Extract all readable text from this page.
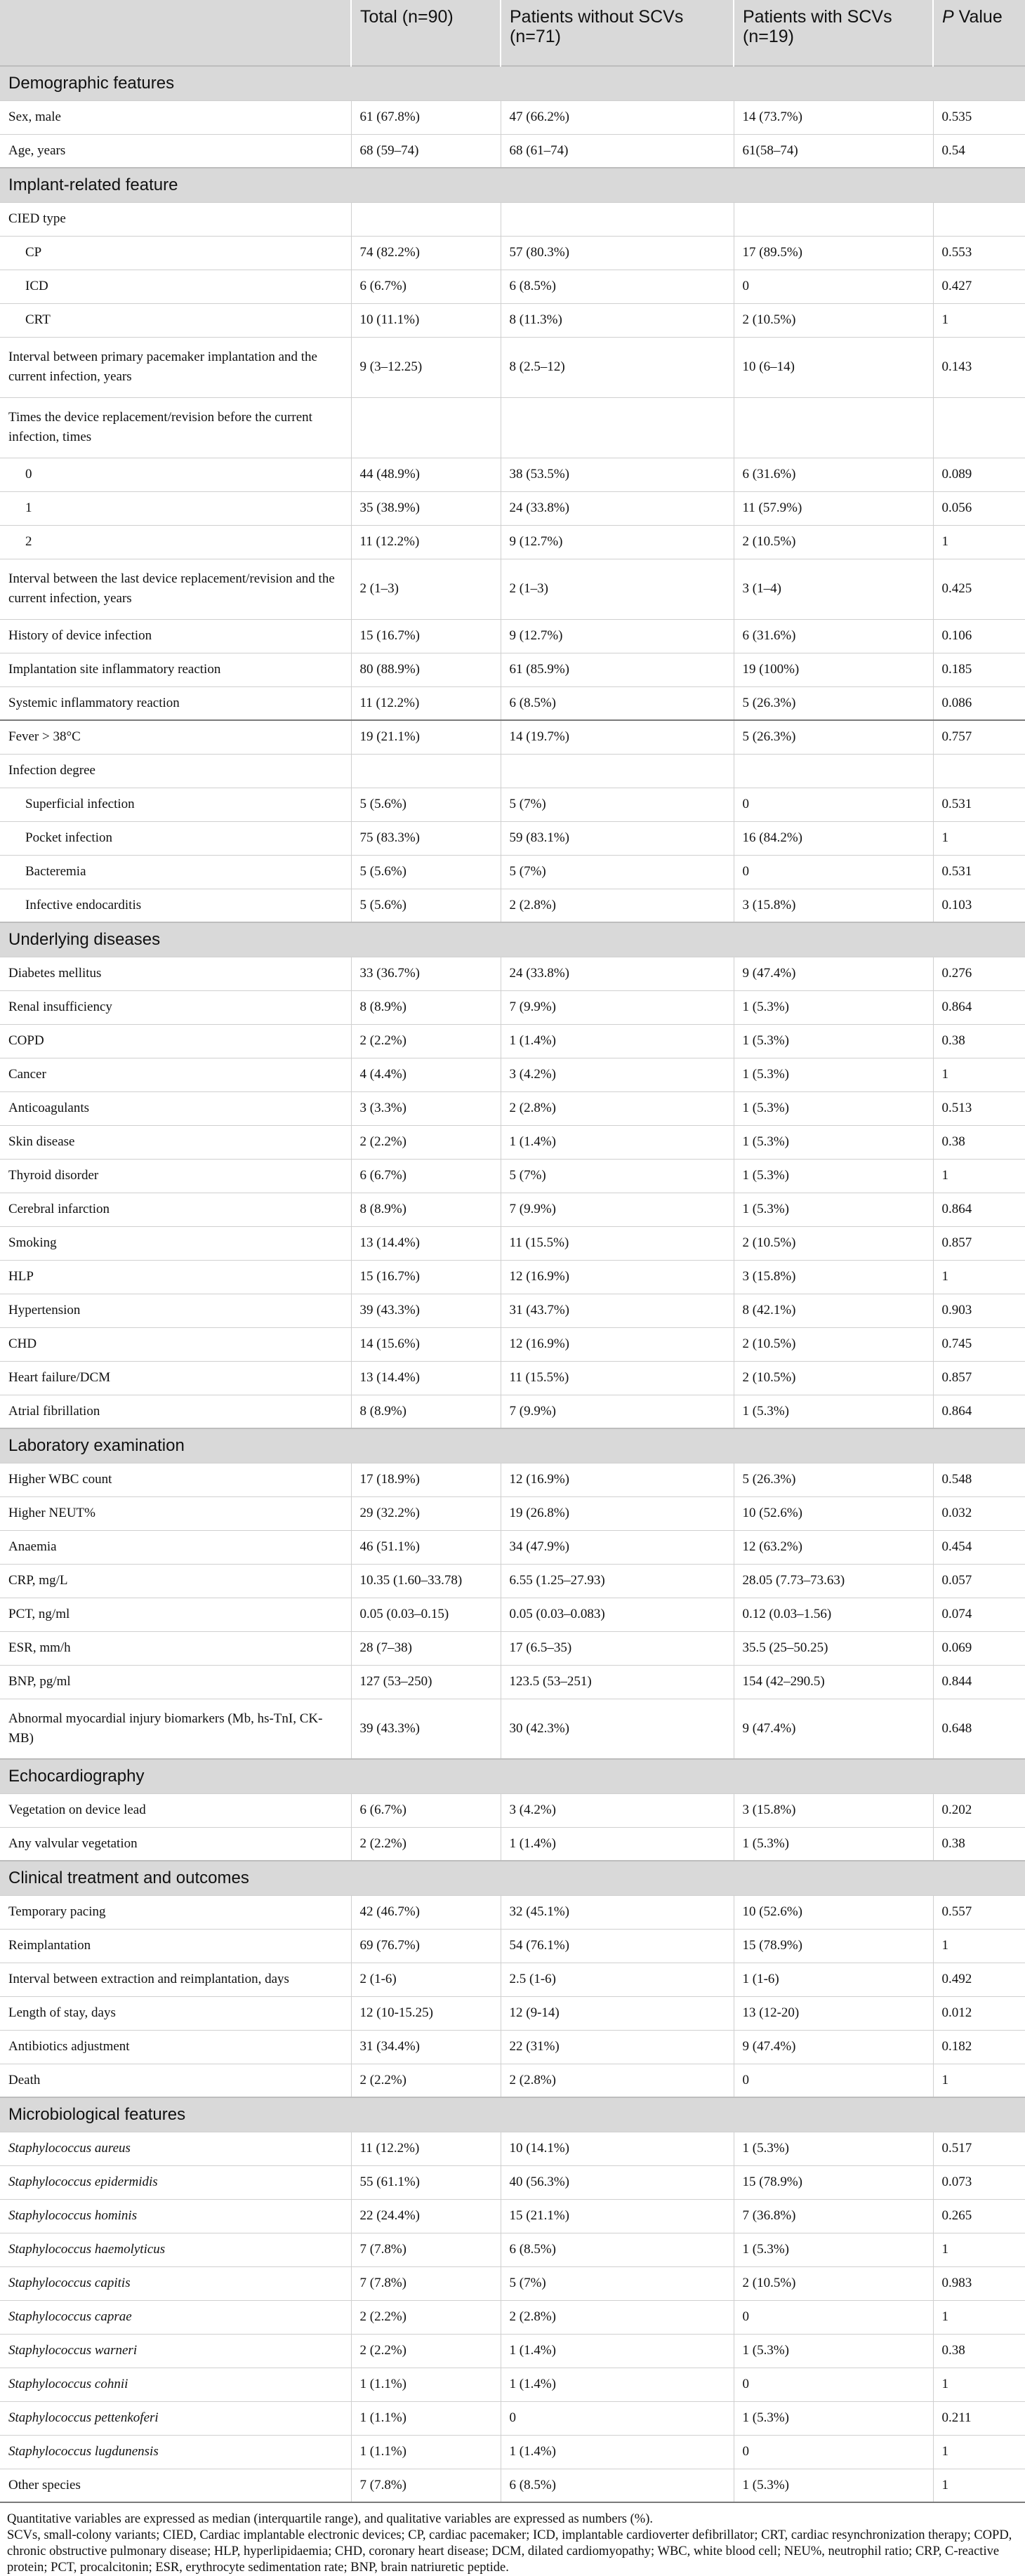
	Total (n=90)	Patients without SCVs (n=71)	Patients with SCVs (n=19)	P Value
Demographic features				
Sex, male	61 (67.8%)	47 (66.2%)	14 (73.7%)	0.535
Age, years	68 (59–74)	68 (61–74)	61(58–74)	0.54
Implant-related feature				
CIED type				
CP	74 (82.2%)	57 (80.3%)	17 (89.5%)	0.553
ICD	6 (6.7%)	6 (8.5%)	0	0.427
CRT	10 (11.1%)	8 (11.3%)	2 (10.5%)	1
Interval between primary pacemaker implantation and the current infection, years	9 (3–12.25)	8 (2.5–12)	10 (6–14)	0.143
Times the device replacement/revision before the current infection, times				
0	44 (48.9%)	38 (53.5%)	6 (31.6%)	0.089
1	35 (38.9%)	24 (33.8%)	11 (57.9%)	0.056
2	11 (12.2%)	9 (12.7%)	2 (10.5%)	1
Interval between the last device replacement/revision and the current infection, years	2 (1–3)	2 (1–3)	3 (1–4)	0.425
History of device infection	15 (16.7%)	9 (12.7%)	6 (31.6%)	0.106
Implantation site inflammatory reaction	80 (88.9%)	61 (85.9%)	19 (100%)	0.185
Systemic inflammatory reaction	11 (12.2%)	6 (8.5%)	5 (26.3%)	0.086
Fever > 38°C	19 (21.1%)	14 (19.7%)	5 (26.3%)	0.757
Infection degree				
Superficial infection	5 (5.6%)	5 (7%)	0	0.531
Pocket infection	75 (83.3%)	59 (83.1%)	16 (84.2%)	1
Bacteremia	5 (5.6%)	5 (7%)	0	0.531
Infective endocarditis	5 (5.6%)	2 (2.8%)	3 (15.8%)	0.103
Underlying diseases				
Diabetes mellitus	33 (36.7%)	24 (33.8%)	9 (47.4%)	0.276
Renal insufficiency	8 (8.9%)	7 (9.9%)	1 (5.3%)	0.864
COPD	2 (2.2%)	1 (1.4%)	1 (5.3%)	0.38
Cancer	4 (4.4%)	3 (4.2%)	1 (5.3%)	1
Anticoagulants	3 (3.3%)	2 (2.8%)	1 (5.3%)	0.513
Skin disease	2 (2.2%)	1 (1.4%)	1 (5.3%)	0.38
Thyroid disorder	6 (6.7%)	5 (7%)	1 (5.3%)	1
Cerebral infarction	8 (8.9%)	7 (9.9%)	1 (5.3%)	0.864
Smoking	13 (14.4%)	11 (15.5%)	2 (10.5%)	0.857
HLP	15 (16.7%)	12 (16.9%)	3 (15.8%)	1
Hypertension	39 (43.3%)	31 (43.7%)	8 (42.1%)	0.903
CHD	14 (15.6%)	12 (16.9%)	2 (10.5%)	0.745
Heart failure/DCM	13 (14.4%)	11 (15.5%)	2 (10.5%)	0.857
Atrial fibrillation	8 (8.9%)	7 (9.9%)	1 (5.3%)	0.864
Laboratory examination				
Higher WBC count	17 (18.9%)	12 (16.9%)	5 (26.3%)	0.548
Higher NEUT%	29 (32.2%)	19 (26.8%)	10 (52.6%)	0.032
Anaemia	46 (51.1%)	34 (47.9%)	12 (63.2%)	0.454
CRP, mg/L	10.35 (1.60–33.78)	6.55 (1.25–27.93)	28.05 (7.73–73.63)	0.057
PCT, ng/ml	0.05 (0.03–0.15)	0.05 (0.03–0.083)	0.12 (0.03–1.56)	0.074
ESR, mm/h	28 (7–38)	17 (6.5–35)	35.5 (25–50.25)	0.069
BNP, pg/ml	127 (53–250)	123.5 (53–251)	154 (42–290.5)	0.844
Abnormal myocardial injury biomarkers (Mb, hs-TnI, CK-MB)	39 (43.3%)	30 (42.3%)	9 (47.4%)	0.648
Echocardiography				
Vegetation on device lead	6 (6.7%)	3 (4.2%)	3 (15.8%)	0.202
Any valvular vegetation	2 (2.2%)	1 (1.4%)	1 (5.3%)	0.38
Clinical treatment and outcomes				
Temporary pacing	42 (46.7%)	32 (45.1%)	10 (52.6%)	0.557
Reimplantation	69 (76.7%)	54 (76.1%)	15 (78.9%)	1
Interval between extraction and reimplantation, days	2 (1-6)	2.5 (1-6)	1 (1-6)	0.492
Length of stay, days	12 (10-15.25)	12 (9-14)	13 (12-20)	0.012
Antibiotics adjustment	31 (34.4%)	22 (31%)	9 (47.4%)	0.182
Death	2 (2.2%)	2 (2.8%)	0	1
Microbiological features				
Staphylococcus aureus	11 (12.2%)	10 (14.1%)	1 (5.3%)	0.517
Staphylococcus epidermidis	55 (61.1%)	40 (56.3%)	15 (78.9%)	0.073
Staphylococcus hominis	22 (24.4%)	15 (21.1%)	7 (36.8%)	0.265
Staphylococcus haemolyticus	7 (7.8%)	6 (8.5%)	1 (5.3%)	1
Staphylococcus capitis	7 (7.8%)	5 (7%)	2 (10.5%)	0.983
Staphylococcus caprae	2 (2.2%)	2 (2.8%)	0	1
Staphylococcus warneri	2 (2.2%)	1 (1.4%)	1 (5.3%)	0.38
Staphylococcus cohnii	1 (1.1%)	1 (1.4%)	0	1
Staphylococcus pettenkoferi	1 (1.1%)	0	1 (5.3%)	0.211
Staphylococcus lugdunensis	1 (1.1%)	1 (1.4%)	0	1
Other species	7 (7.8%)	6 (8.5%)	1 (5.3%)	1

Quantitative variables are expressed as median (interquartile range), and qualitative variables are expressed as numbers (%).

SCVs, small-colony variants; CIED, Cardiac implantable electronic devices; CP, cardiac pacemaker; ICD, implantable cardioverter defibrillator; CRT, cardiac resynchronization therapy; COPD, chronic obstructive pulmonary disease; HLP, hyperlipidaemia; CHD, coronary heart disease; DCM, dilated cardiomyopathy; WBC, white blood cell; NEU%, neutrophil ratio; CRP, C-reactive protein; PCT, procalcitonin; ESR, erythrocyte sedimentation rate; BNP, brain natriuretic peptide.
